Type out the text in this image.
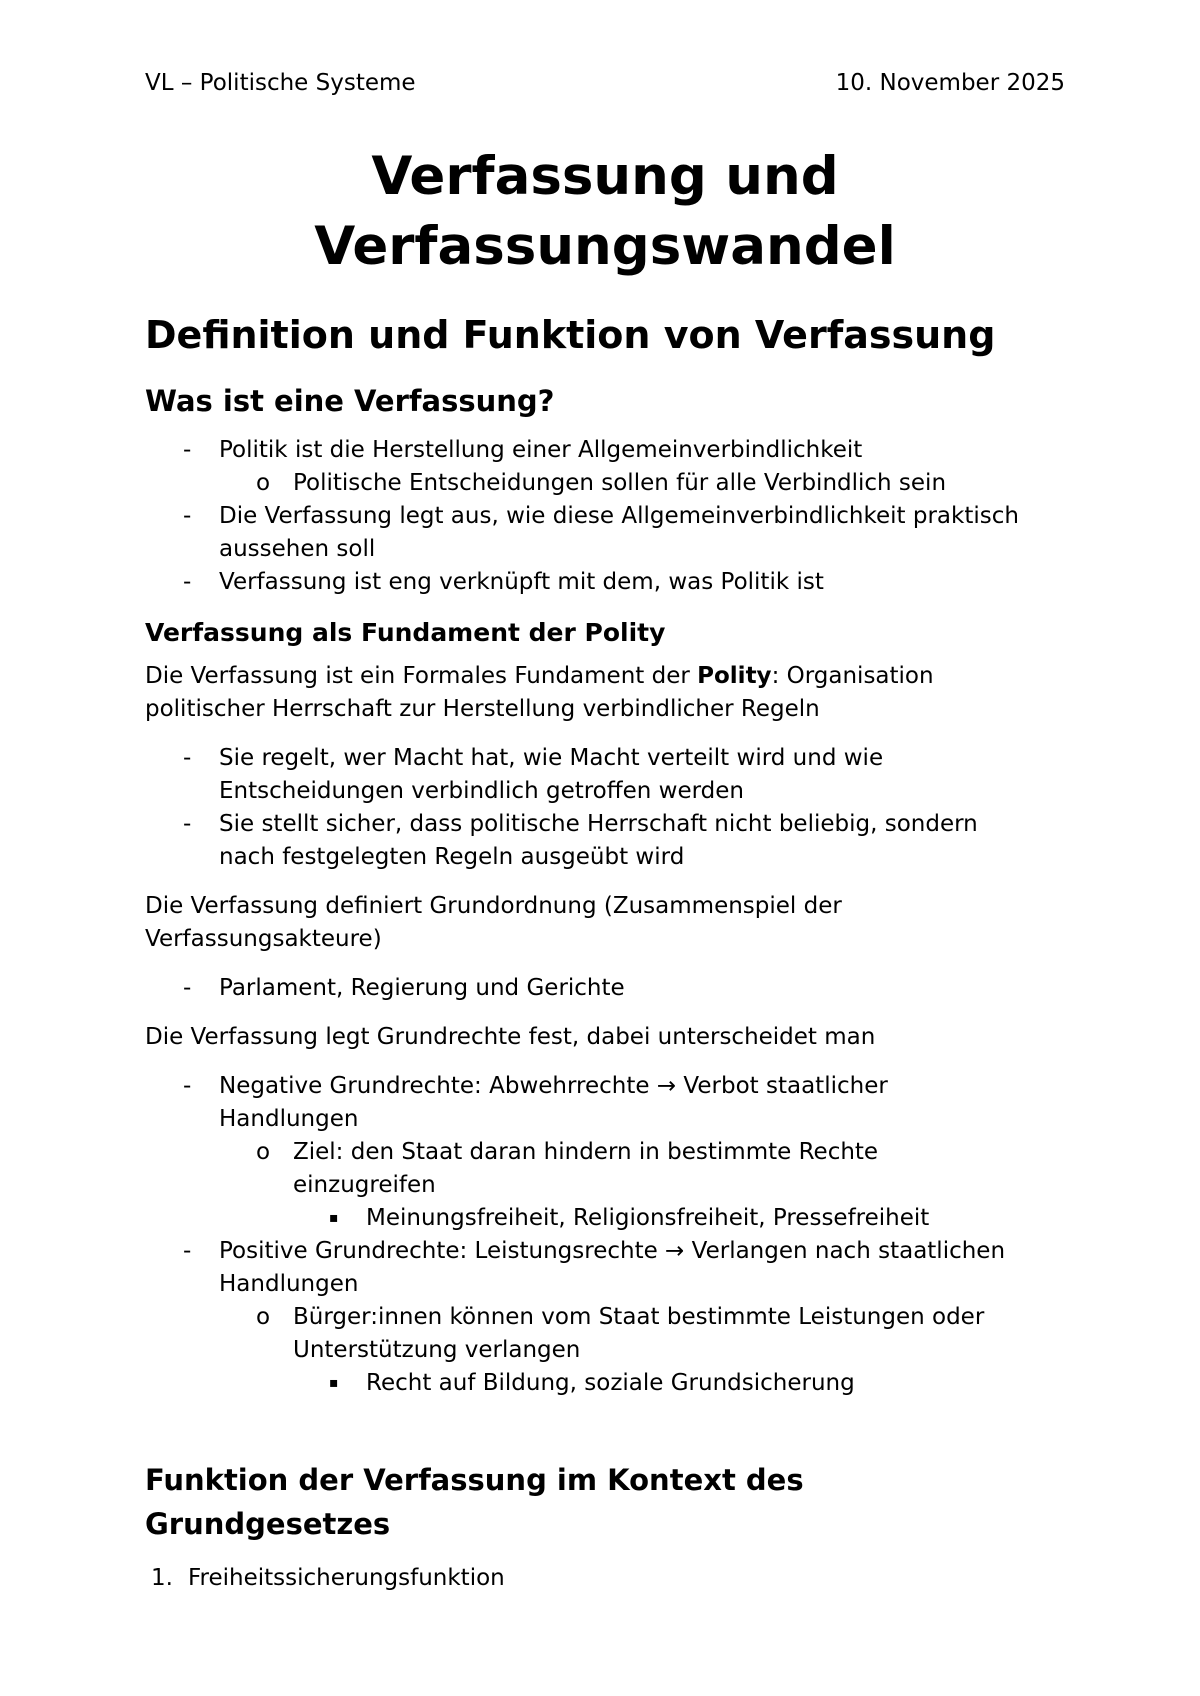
VL – Politische Systeme	10. November 2025
Verfassung und
Verfassungswandel
Definition und Funktion von Verfassung
Was ist eine Verfassung?
- Politik ist die Herstellung einer Allgemeinverbindlichkeit
o Politische Entscheidungen sollen für alle Verbindlich sein
- Die Verfassung legt aus, wie diese Allgemeinverbindlichkeit praktisch
aussehen soll
- Verfassung ist eng verknüpft mit dem, was Politik ist
Verfassung als Fundament der Polity
Die Verfassung ist ein Formales Fundament der Polity: Organisation
politischer Herrschaft zur Herstellung verbindlicher Regeln
- Sie regelt, wer Macht hat, wie Macht verteilt wird und wie
Entscheidungen verbindlich getroffen werden
- Sie stellt sicher, dass politische Herrschaft nicht beliebig, sondern
nach festgelegten Regeln ausgeübt wird
Die Verfassung definiert Grundordnung (Zusammenspiel der
Verfassungsakteure)
- Parlament, Regierung und Gerichte
Die Verfassung legt Grundrechte fest, dabei unterscheidet man
- Negative Grundrechte: Abwehrrechte → Verbot staatlicher
Handlungen
o Ziel: den Staat daran hindern in bestimmte Rechte
einzugreifen
▪ Meinungsfreiheit, Religionsfreiheit, Pressefreiheit
- Positive Grundrechte: Leistungsrechte → Verlangen nach staatlichen
Handlungen
o Bürger:innen können vom Staat bestimmte Leistungen oder
Unterstützung verlangen
▪ Recht auf Bildung, soziale Grundsicherung
Funktion der Verfassung im Kontext des
Grundgesetzes
1. Freiheitssicherungsfunktion
